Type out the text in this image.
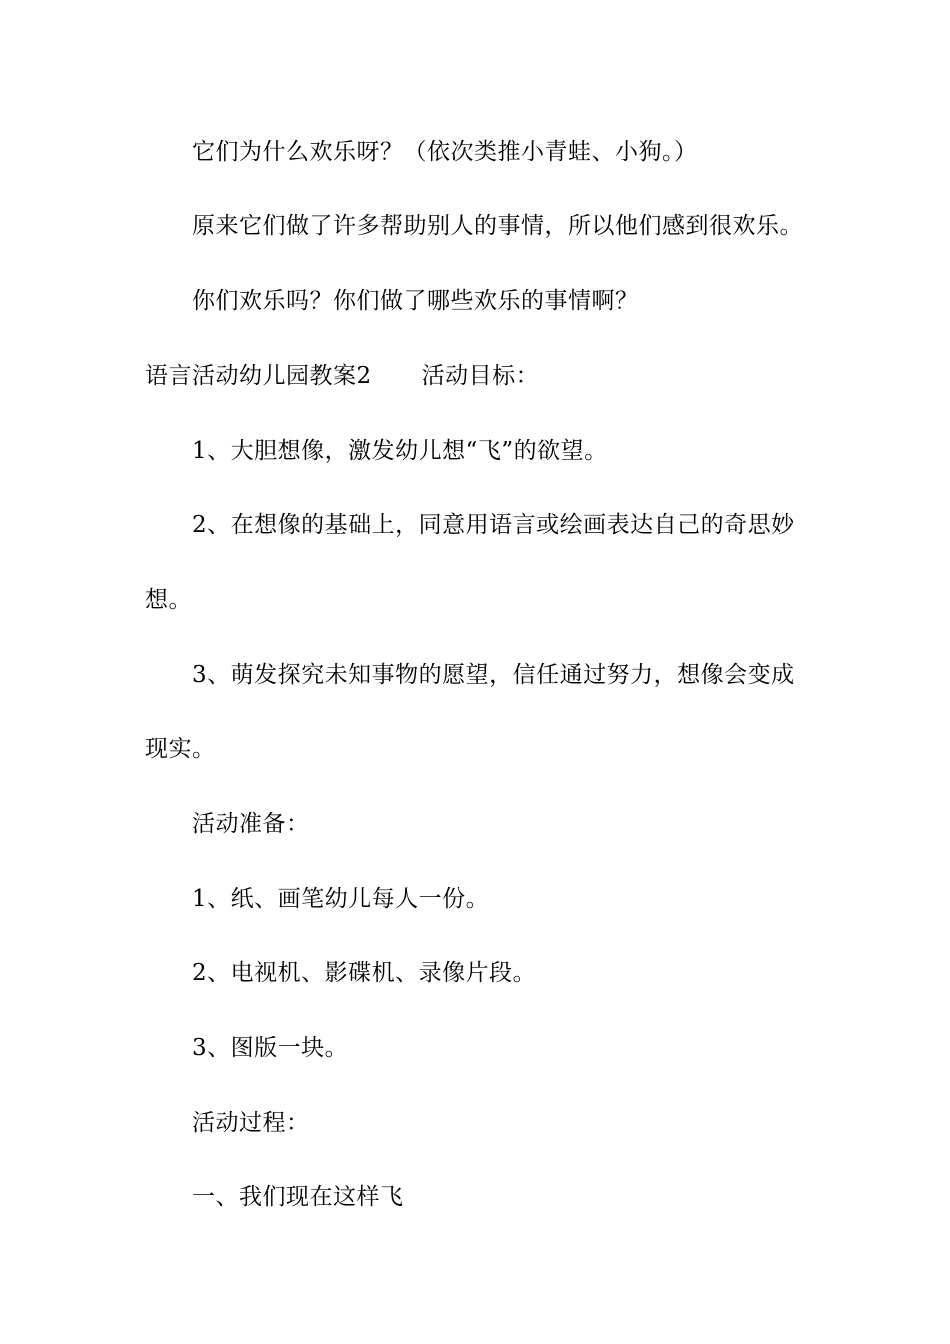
它们为什么欢乐呀？（依次类推小青蛙、小狗。）
原来它们做了许多帮助别人的事情，所以他们感到很欢乐。
你们欢乐吗？你们做了哪些欢乐的事情啊？
语言活动幼儿园教案2 活动目标：
1、大胆想像，激发幼儿想“飞”的欲望。
2、在想像的基础上，同意用语言或绘画表达自己的奇思妙
想。
3、萌发探究未知事物的愿望，信任通过努力，想像会变成
现实。
活动准备：
1、纸、画笔幼儿每人一份。
2、电视机、影碟机、录像片段。
3、图版一块。
活动过程：
一、我们现在这样飞
